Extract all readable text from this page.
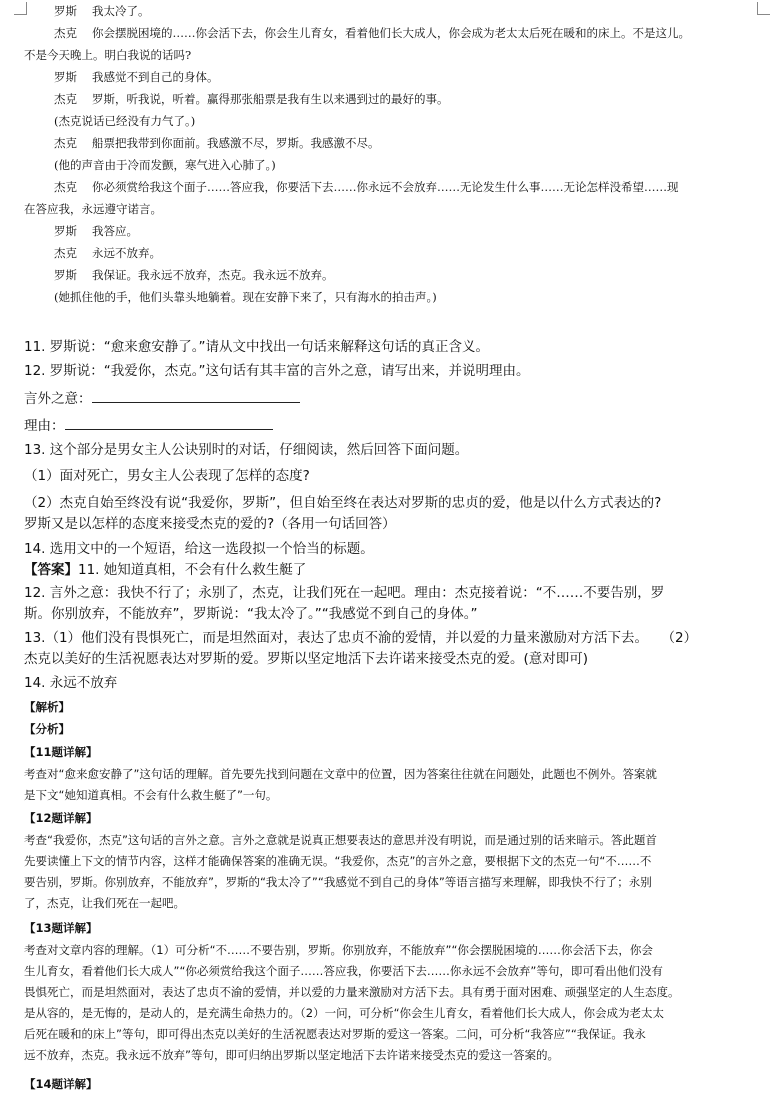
罗斯 我太冷了。

杰克 你会摆脱困境的……你会活下去，你会生儿育女，看着他们长大成人，你会成为老太太后死在暖和的床上。不是这儿。

不是今天晚上。明白我说的话吗?

罗斯 我感觉不到自己的身体。

杰克 罗斯，听我说，听着。赢得那张船票是我有生以来遇到过的最好的事。

(杰克说话已经没有力气了。)

杰克 船票把我带到你面前。我感激不尽，罗斯。我感激不尽。

(他的声音由于冷而发颤，寒气进入心肺了。)

杰克 你必须赏给我这个面子……答应我，你要活下去……你永远不会放弃……无论发生什么事……无论怎样没希望……现

在答应我，永远遵守诺言。

罗斯 我答应。

杰克 永远不放弃。

罗斯 我保证。我永远不放弃，杰克。我永远不放弃。

(她抓住他的手，他们头靠头地躺着。现在安静下来了，只有海水的拍击声。)

11. 罗斯说：“愈来愈安静了。”请从文中找出一句话来解释这句话的真正含义。

12. 罗斯说：“我爱你，杰克。”这句话有其丰富的言外之意，请写出来，并说明理由。

言外之意：

理由：

13. 这个部分是男女主人公诀别时的对话，仔细阅读，然后回答下面问题。

（1）面对死亡，男女主人公表现了怎样的态度?

（2）杰克自始至终没有说“我爱你，罗斯”，但自始至终在表达对罗斯的忠贞的爱，他是以什么方式表达的?

罗斯又是以怎样的态度来接受杰克的爱的?（各用一句话回答）

14. 选用文中的一个短语，给这一选段拟一个恰当的标题。

【答案】11. 她知道真相，不会有什么救生艇了

12. 言外之意：我快不行了；永别了，杰克，让我们死在一起吧。理由：杰克接着说：“不……不要告别，罗

斯。你别放弃，不能放弃”，罗斯说：“我太冷了。”“我感觉不到自己的身体。”

13.（1）他们没有畏惧死亡，而是坦然面对，表达了忠贞不渝的爱情，并以爱的力量来激励对方活下去。　　（2）

杰克以美好的生活祝愿表达对罗斯的爱。罗斯以坚定地活下去许诺来接受杰克的爱。(意对即可)

14. 永远不放弃

【解析】

【分析】

【11题详解】

考查对“愈来愈安静了”这句话的理解。首先要先找到问题在文章中的位置，因为答案往往就在问题处，此题也不例外。答案就

是下文“她知道真相。不会有什么救生艇了”一句。

【12题详解】

考查“我爱你，杰克”这句话的言外之意。言外之意就是说真正想要表达的意思并没有明说，而是通过别的话来暗示。答此题首

先要读懂上下文的情节内容，这样才能确保答案的准确无误。“我爱你，杰克”的言外之意，要根据下文的杰克一句“不……不

要告别，罗斯。你别放弃，不能放弃”，罗斯的“我太冷了”“我感觉不到自己的身体”等语言描写来理解，即我快不行了；永别

了，杰克，让我们死在一起吧。

【13题详解】

考查对文章内容的理解。（1）可分析“不……不要告别，罗斯。你别放弃，不能放弃”“你会摆脱困境的……你会活下去，你会

生儿育女，看着他们长大成人”“你必须赏给我这个面子……答应我，你要活下去……你永远不会放弃”等句，即可看出他们没有

畏惧死亡，而是坦然面对，表达了忠贞不渝的爱情，并以爱的力量来激励对方活下去。具有勇于面对困难、顽强坚定的人生态度。

是从容的，是无悔的，是动人的，是充满生命热力的。（2）一问，可分析“你会生儿育女，看着他们长大成人，你会成为老太太

后死在暖和的床上”等句，即可得出杰克以美好的生活祝愿表达对罗斯的爱这一答案。二问，可分析“我答应”“我保证。我永

远不放弃，杰克。我永远不放弃”等句，即可归纳出罗斯以坚定地活下去许诺来接受杰克的爱这一答案的。

【14题详解】
